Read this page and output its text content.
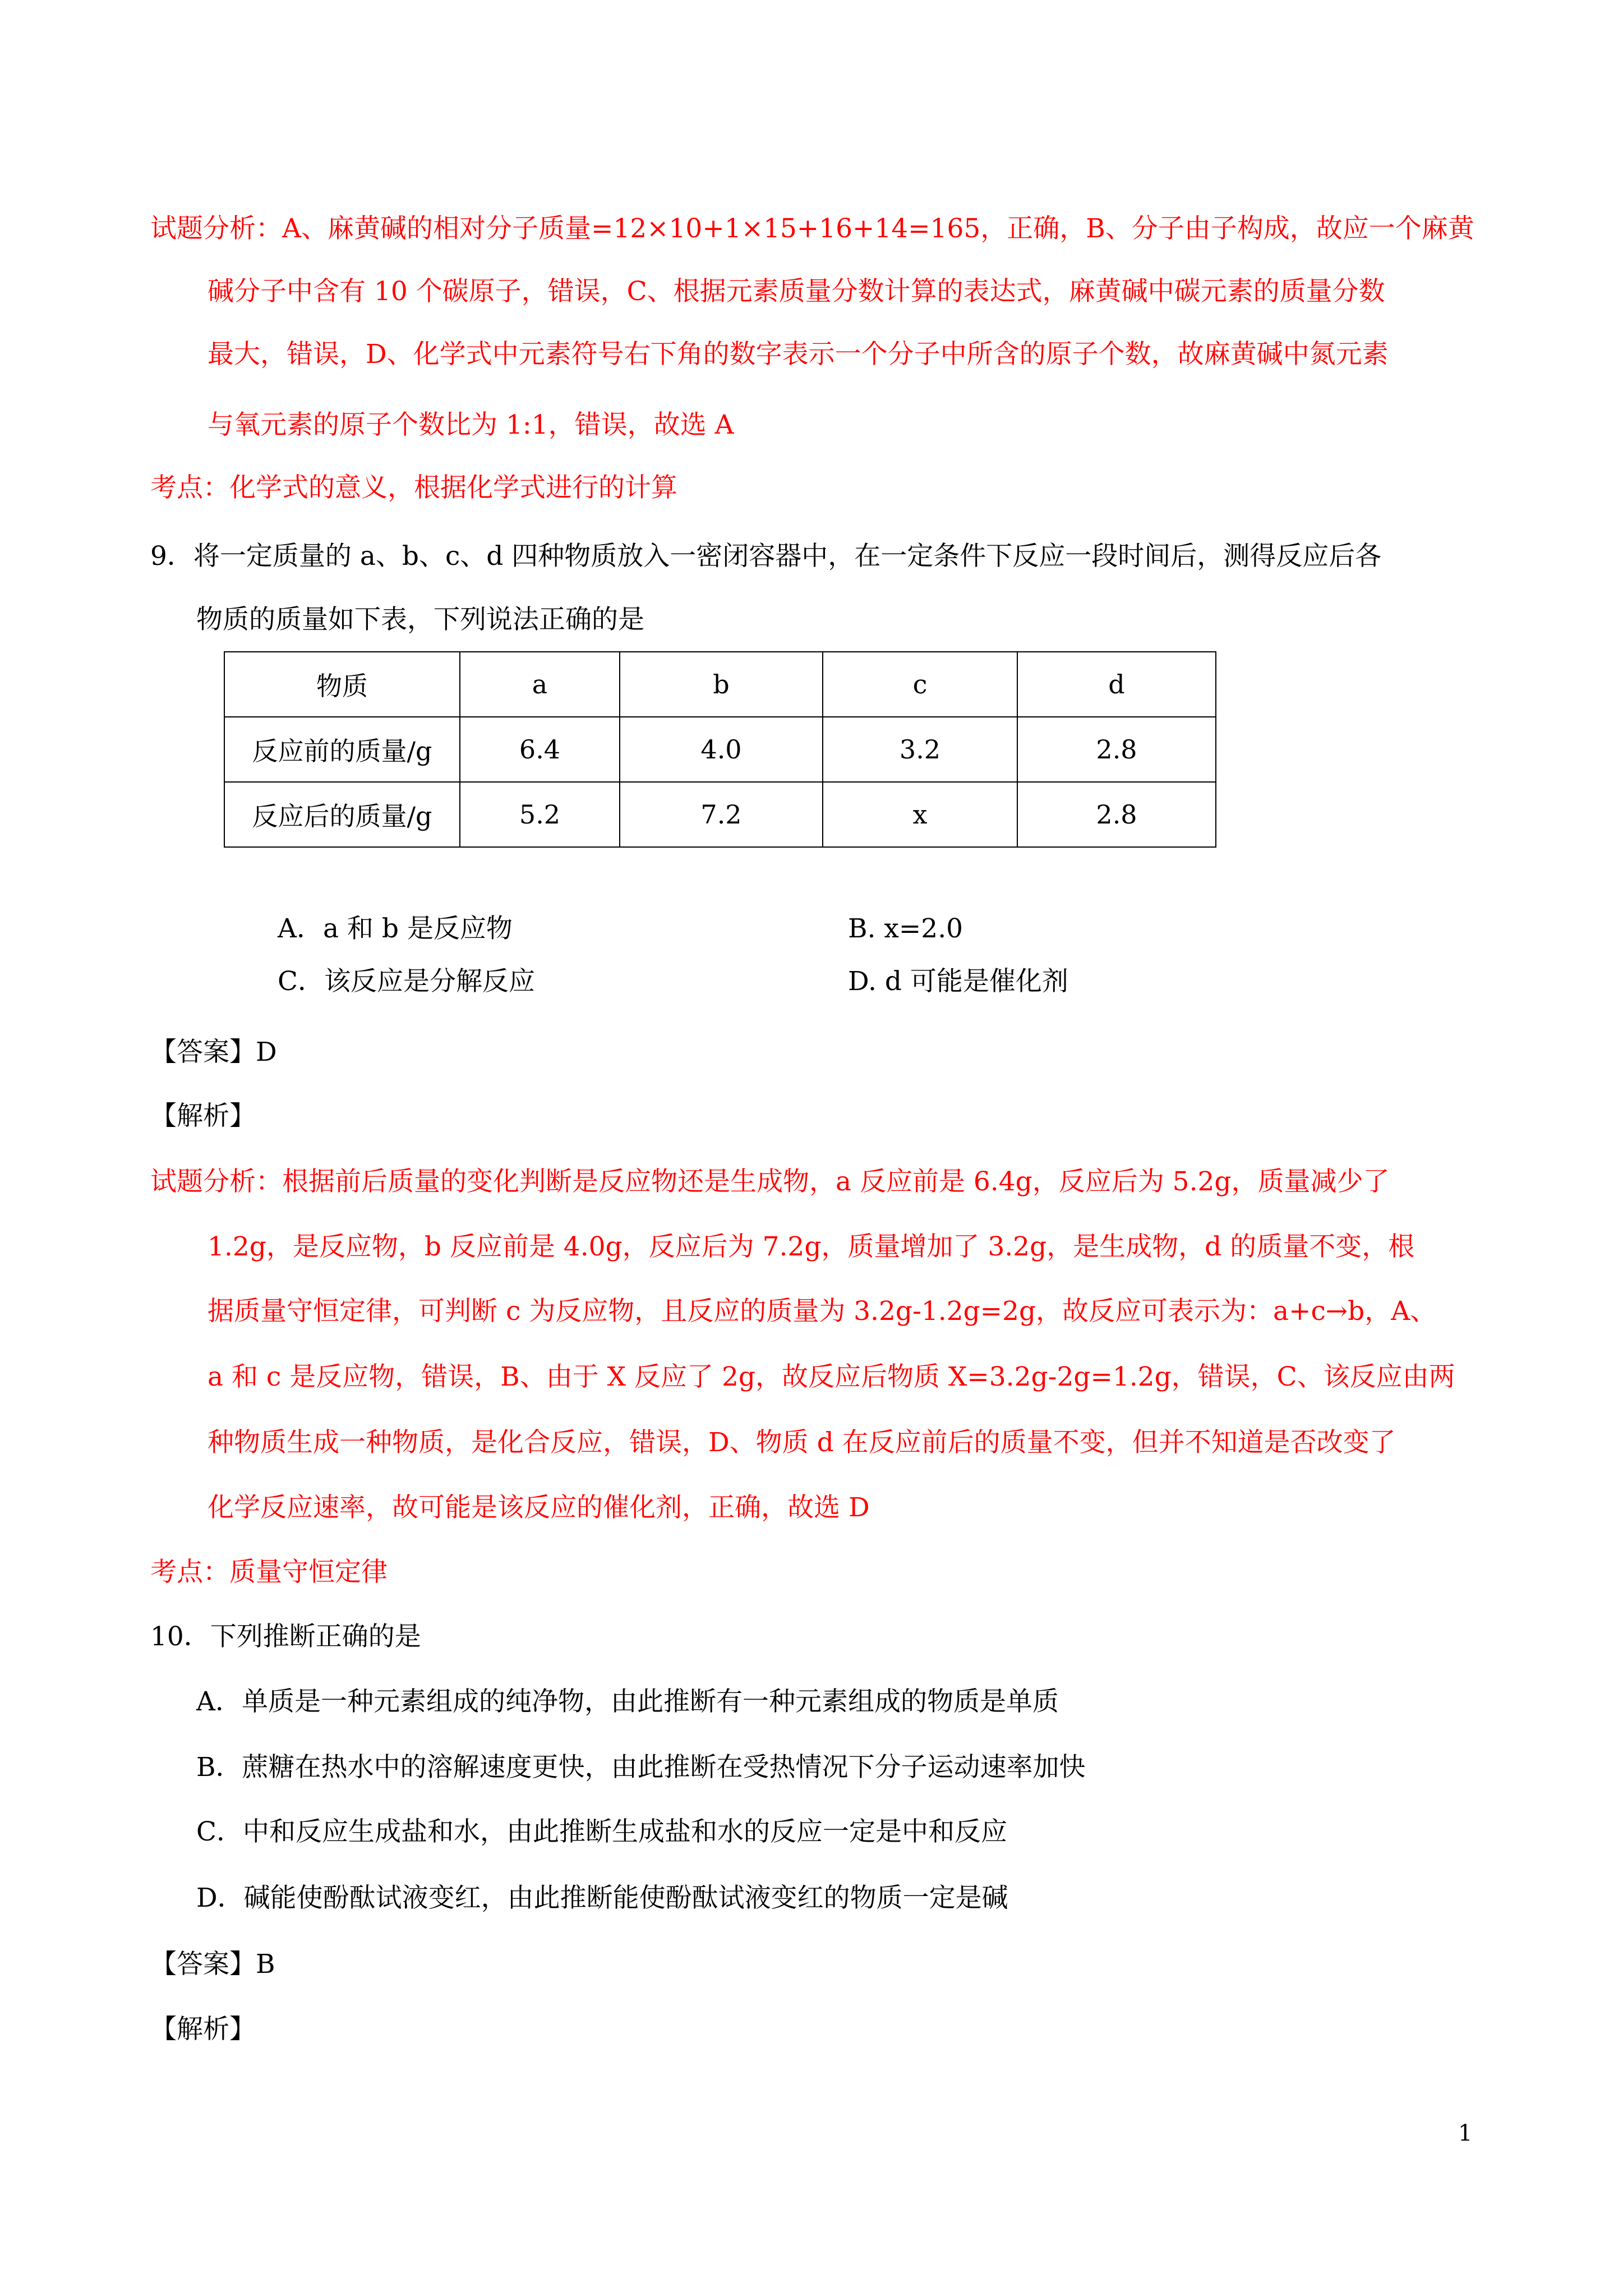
试题分析：A、麻黄碱的相对分子质量=12×10+1×15+16+14=165，正确，B、分子由子构成，故应一个麻黄
碱分子中含有 10 个碳原子，错误，C、根据元素质量分数计算的表达式，麻黄碱中碳元素的质量分数
最大，错误，D、化学式中元素符号右下角的数字表示一个分子中所含的原子个数，故麻黄碱中氮元素
与氧元素的原子个数比为 1:1，错误，故选 A
考点：化学式的意义，根据化学式进行的计算
9．将一定质量的 a、b、c、d 四种物质放入一密闭容器中，在一定条件下反应一段时间后，测得反应后各
物质的质量如下表，下列说法正确的是
物质	a	b	c	d
反应前的质量/g	6.4	4.0	3.2	2.8
反应后的质量/g	5.2	7.2	x	2.8
A．a 和 b 是反应物	B. x=2.0
C．该反应是分解反应	D. d 可能是催化剂
【答案】D
【解析】
试题分析：根据前后质量的变化判断是反应物还是生成物，a 反应前是 6.4g，反应后为 5.2g，质量减少了
1.2g，是反应物，b 反应前是 4.0g，反应后为 7.2g，质量增加了 3.2g，是生成物，d 的质量不变，根
据质量守恒定律，可判断 c 为反应物，且反应的质量为 3.2g-1.2g=2g，故反应可表示为：a+c→b，A、
a 和 c 是反应物，错误，B、由于 X 反应了 2g，故反应后物质 X=3.2g-2g=1.2g，错误，C、该反应由两
种物质生成一种物质，是化合反应，错误，D、物质 d 在反应前后的质量不变，但并不知道是否改变了
化学反应速率，故可能是该反应的催化剂，正确，故选 D
考点：质量守恒定律
10．下列推断正确的是
A．单质是一种元素组成的纯净物，由此推断有一种元素组成的物质是单质
B．蔗糖在热水中的溶解速度更快，由此推断在受热情况下分子运动速率加快
C．中和反应生成盐和水，由此推断生成盐和水的反应一定是中和反应
D．碱能使酚酞试液变红，由此推断能使酚酞试液变红的物质一定是碱
【答案】B
【解析】
1
